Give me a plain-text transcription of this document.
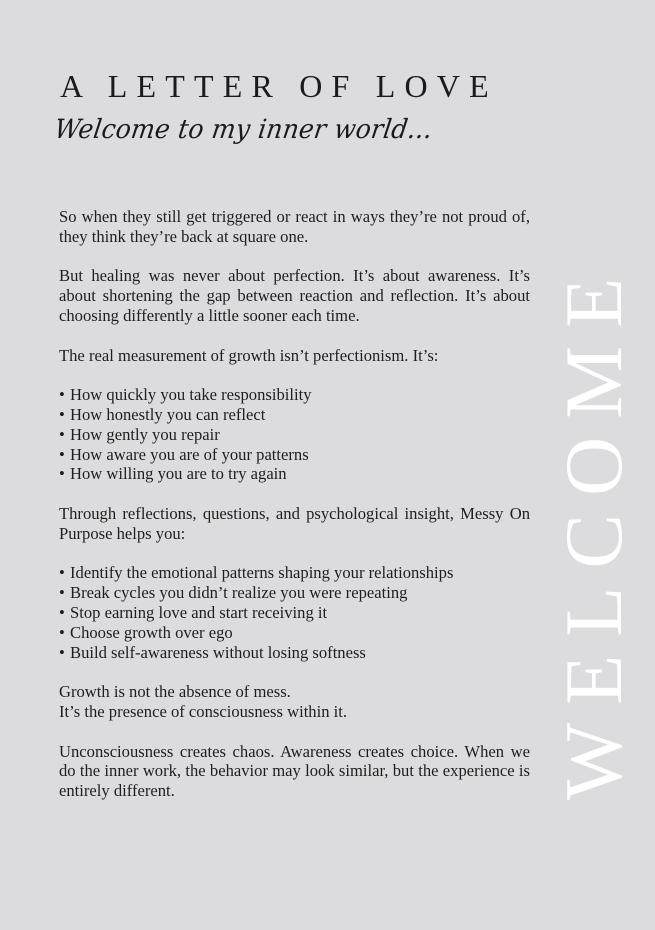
A LETTER OF LOVE
Welcome to my inner world...

So when they still get triggered or react in ways they’re not proud of, they think they’re back at square one.

But healing was never about perfection. It’s about awareness. It’s about shortening the gap between reaction and reflection. It’s about choosing differently a little sooner each time.

The real measurement of growth isn’t perfectionism. It’s:

• How quickly you take responsibility
• How honestly you can reflect
• How gently you repair
• How aware you are of your patterns
• How willing you are to try again

Through reflections, questions, and psychological insight, Messy On Purpose helps you:

• Identify the emotional patterns shaping your relationships
• Break cycles you didn’t realize you were repeating
• Stop earning love and start receiving it
• Choose growth over ego
• Build self-awareness without losing softness

Growth is not the absence of mess.
It’s the presence of consciousness within it.

Unconsciousness creates chaos. Awareness creates choice. When we do the inner work, the behavior may look similar, but the experience is entirely different.	WELCOME
